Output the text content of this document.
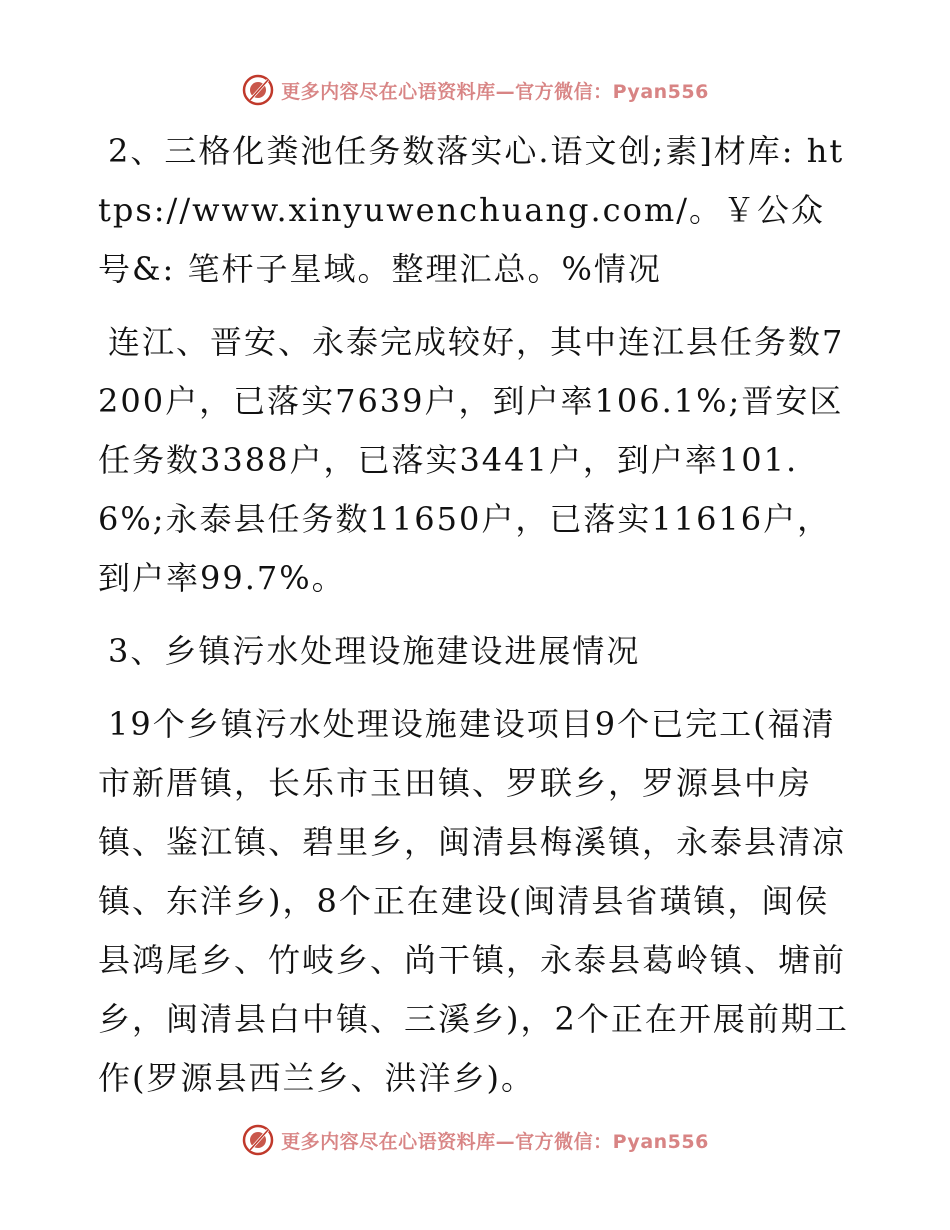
更多内容尽在心语资料库—官方微信：Pyan556

2、三格化粪池任务数落实心.语文创;素]材库: https://www.xinyuwenchuang.com/。￥公众号&: 笔杆子星域。整理汇总。%情况

连江、晋安、永泰完成较好，其中连江县任务数7200户，已落实7639户，到户率106.1%;晋安区任务数3388户，已落实3441户，到户率101.6%;永泰县任务数11650户，已落实11616户，到户率99.7%。

3、乡镇污水处理设施建设进展情况

19个乡镇污水处理设施建设项目9个已完工(福清市新厝镇，长乐市玉田镇、罗联乡，罗源县中房镇、鉴江镇、碧里乡，闽清县梅溪镇，永泰县清凉镇、东洋乡)，8个正在建设(闽清县省璜镇，闽侯县鸿尾乡、竹岐乡、尚干镇，永泰县葛岭镇、塘前乡，闽清县白中镇、三溪乡)，2个正在开展前期工作(罗源县西兰乡、洪洋乡)。

更多内容尽在心语资料库—官方微信：Pyan556
